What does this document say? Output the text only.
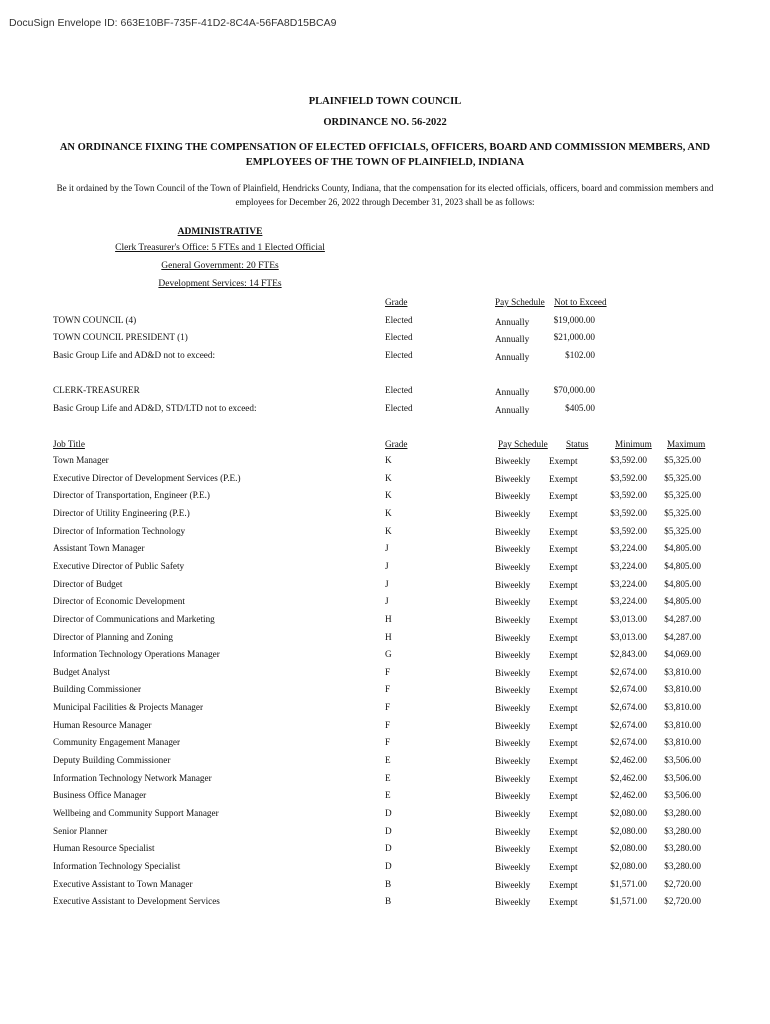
DocuSign Envelope ID: 663E10BF-735F-41D2-8C4A-56FA8D15BCA9
PLAINFIELD TOWN COUNCIL
ORDINANCE NO. 56-2022
AN ORDINANCE FIXING THE COMPENSATION OF ELECTED OFFICIALS, OFFICERS, BOARD AND COMMISSION MEMBERS, AND EMPLOYEES OF THE TOWN OF PLAINFIELD, INDIANA
Be it ordained by the Town Council of the Town of Plainfield, Hendricks County, Indiana, that the compensation for its elected officials, officers, board and commission members and employees for December 26, 2022 through December 31, 2023 shall be as follows:
ADMINISTRATIVE
Clerk Treasurer's Office: 5 FTEs and 1 Elected Official
General Government: 20 FTEs
Development Services: 14 FTEs
Grade	Pay Schedule Not to Exceed
TOWN COUNCIL (4)	Elected	Annually	$19,000.00
TOWN COUNCIL PRESIDENT (1)	Elected	Annually	$21,000.00
Basic Group Life and AD&D not to exceed:	Elected	Annually	$102.00
CLERK-TREASURER	Elected	Annually	$70,000.00
Basic Group Life and AD&D, STD/LTD not to exceed:	Elected	Annually	$405.00
Job Title	Grade	Pay Schedule Status	Minimum Maximum
Town Manager	K	Biweekly Exempt	$3,592.00	$5,325.00
Executive Director of Development Services (P.E.)	K	Biweekly Exempt	$3,592.00	$5,325.00
Director of Transportation, Engineer (P.E.)	K	Biweekly Exempt	$3,592.00	$5,325.00
Director of Utility Engineering (P.E.)	K	Biweekly Exempt	$3,592.00	$5,325.00
Director of Information Technology	K	Biweekly Exempt	$3,592.00	$5,325.00
Assistant Town Manager	J	Biweekly Exempt	$3,224.00	$4,805.00
Executive Director of Public Safety	J	Biweekly Exempt	$3,224.00	$4,805.00
Director of Budget	J	Biweekly Exempt	$3,224.00	$4,805.00
Director of Economic Development	J	Biweekly Exempt	$3,224.00	$4,805.00
Director of Communications and Marketing	H	Biweekly Exempt	$3,013.00	$4,287.00
Director of Planning and Zoning	H	Biweekly Exempt	$3,013.00	$4,287.00
Information Technology Operations Manager	G	Biweekly Exempt	$2,843.00	$4,069.00
Budget Analyst	F	Biweekly Exempt	$2,674.00	$3,810.00
Building Commissioner	F	Biweekly Exempt	$2,674.00	$3,810.00
Municipal Facilities & Projects Manager	F	Biweekly Exempt	$2,674.00	$3,810.00
Human Resource Manager	F	Biweekly Exempt	$2,674.00	$3,810.00
Community Engagement Manager	F	Biweekly Exempt	$2,674.00	$3,810.00
Deputy Building Commissioner	E	Biweekly Exempt	$2,462.00	$3,506.00
Information Technology Network Manager	E	Biweekly Exempt	$2,462.00	$3,506.00
Business Office Manager	E	Biweekly Exempt	$2,462.00	$3,506.00
Wellbeing and Community Support Manager	D	Biweekly Exempt	$2,080.00	$3,280.00
Senior Planner	D	Biweekly Exempt	$2,080.00	$3,280.00
Human Resource Specialist	D	Biweekly Exempt	$2,080.00	$3,280.00
Information Technology Specialist	D	Biweekly Exempt	$2,080.00	$3,280.00
Executive Assistant to Town Manager	B	Biweekly Exempt	$1,571.00	$2,720.00
Executive Assistant to Development Services	B	Biweekly Exempt	$1,571.00	$2,720.00
